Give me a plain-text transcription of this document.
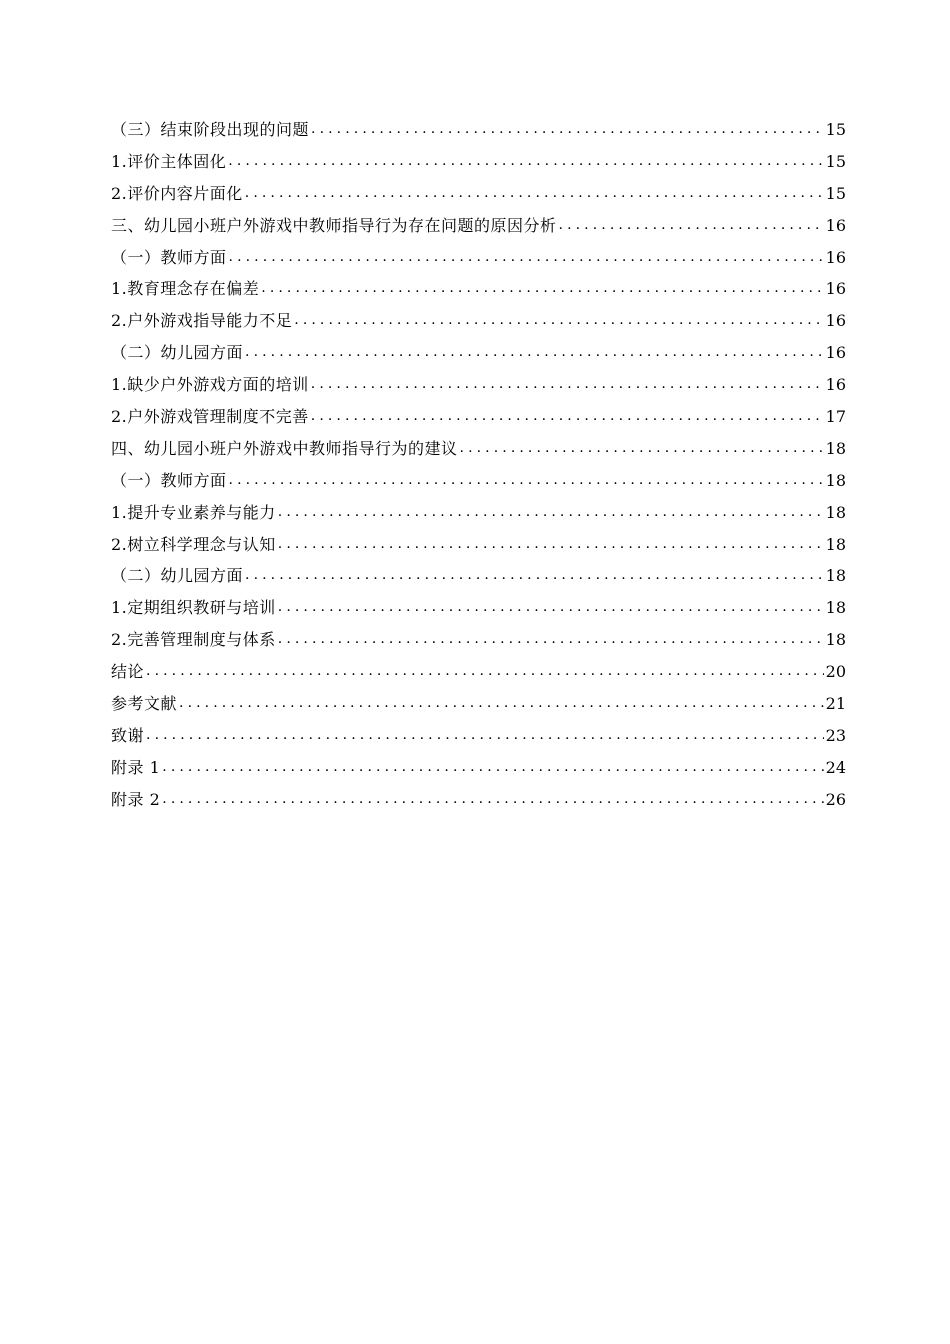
（三）结束阶段出现的问题 .....	15
1.评价主体固化 .....	15
2.评价内容片面化 .....	15
三、幼儿园小班户外游戏中教师指导行为存在问题的原因分析 .....	16
（一）教师方面 .....	16
1.教育理念存在偏差 .....	16
2.户外游戏指导能力不足 .....	16
（二）幼儿园方面 .....	16
1.缺少户外游戏方面的培训 .....	16
2.户外游戏管理制度不完善 .....	17
四、幼儿园小班户外游戏中教师指导行为的建议 .....	18
（一）教师方面 .....	18
1.提升专业素养与能力 .....	18
2.树立科学理念与认知 .....	18
（二）幼儿园方面 .....	18
1.定期组织教研与培训 .....	18
2.完善管理制度与体系 .....	18
结论 .....	20
参考文献 .....	21
致谢 .....	23
附录 1 .....	24
附录 2 .....	26
